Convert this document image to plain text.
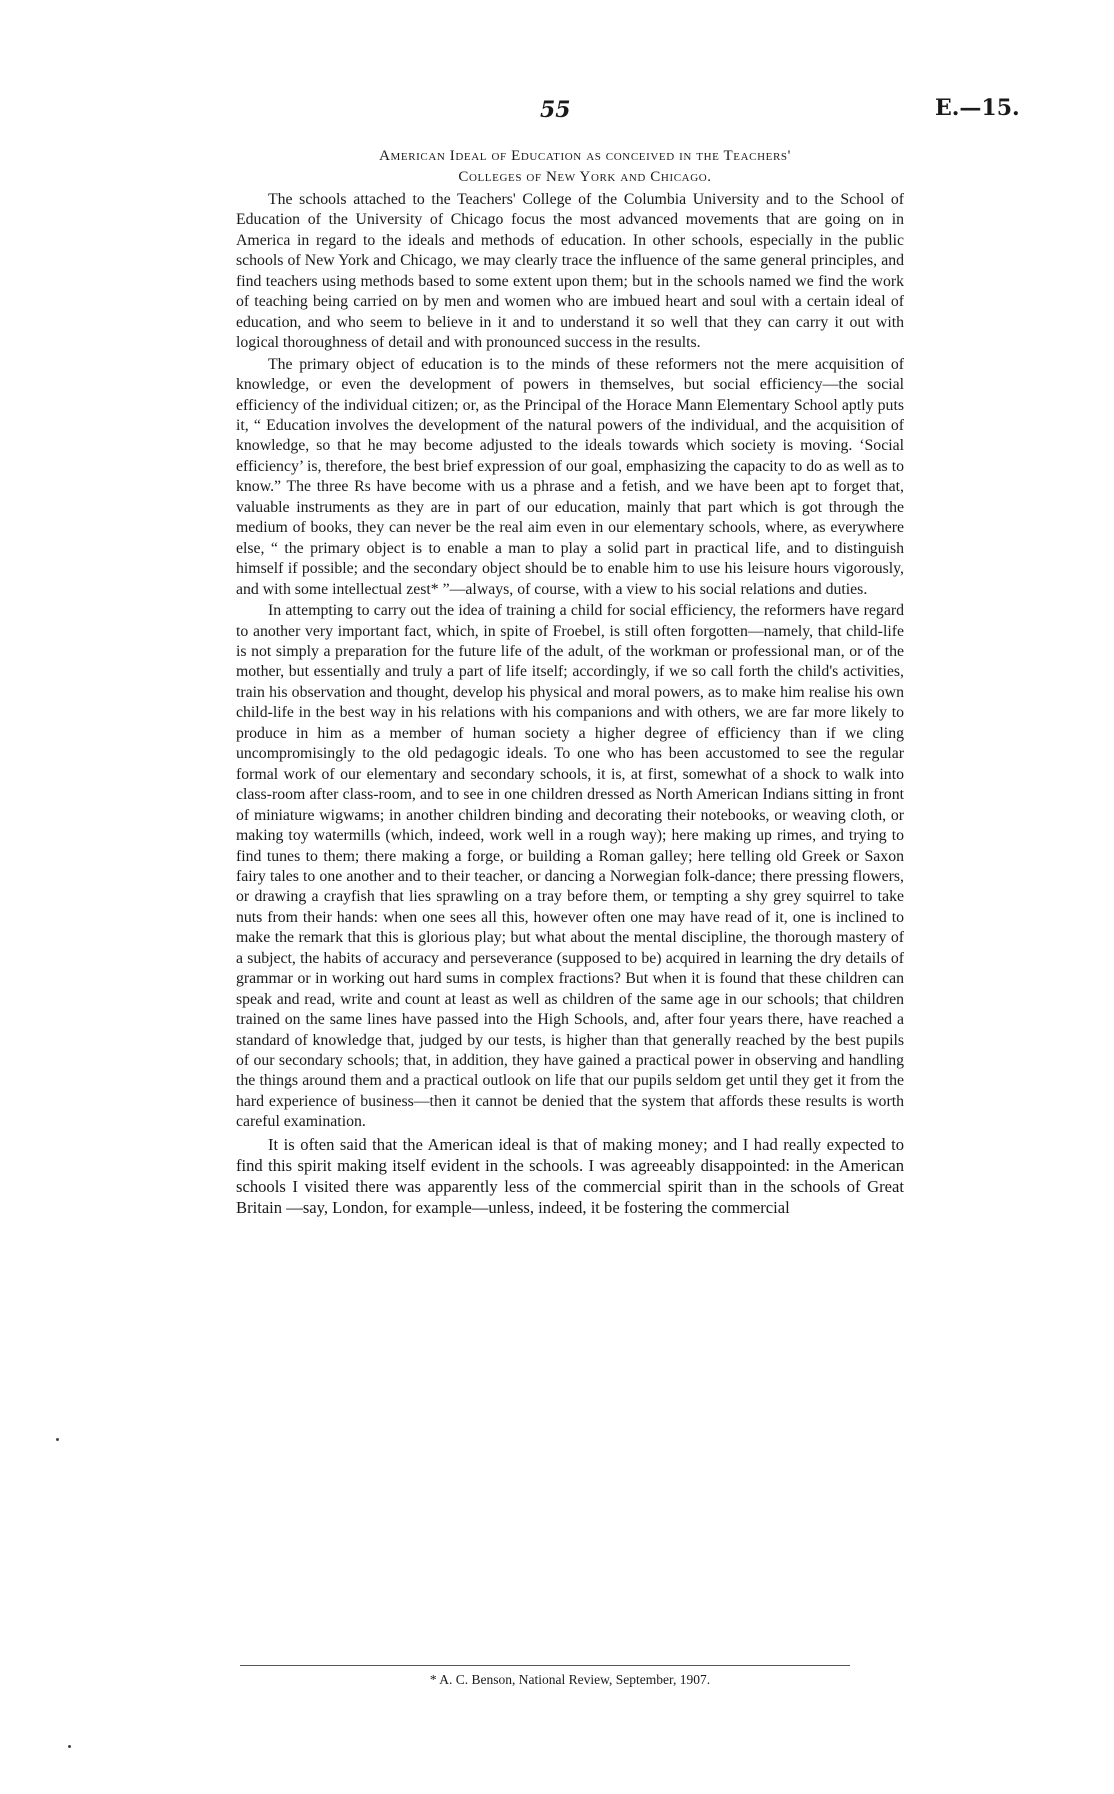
55	E.—15.
American Ideal of Education as conceived in the Teachers'
Colleges of New York and Chicago.

The schools attached to the Teachers' College of the Columbia University and to the School of Education of the University of Chicago focus the most advanced movements that are going on in America in regard to the ideals and methods of education. In other schools, especially in the public schools of New York and Chicago, we may clearly trace the influence of the same general principles, and find teachers using methods based to some extent upon them; but in the schools named we find the work of teaching being carried on by men and women who are imbued heart and soul with a certain ideal of education, and who seem to believe in it and to understand it so well that they can carry it out with logical thoroughness of detail and with pronounced success in the results.

The primary object of education is to the minds of these reformers not the mere acquisition of knowledge, or even the development of powers in themselves, but social efficiency—the social efficiency of the individual citizen; or, as the Principal of the Horace Mann Elementary School aptly puts it, “ Education involves the development of the natural powers of the individual, and the acquisition of knowledge, so that he may become adjusted to the ideals towards which society is moving. ‘Social efficiency’ is, therefore, the best brief expression of our goal, emphasizing the capacity to do as well as to know.” The three Rs have become with us a phrase and a fetish, and we have been apt to forget that, valuable instruments as they are in part of our education, mainly that part which is got through the medium of books, they can never be the real aim even in our elementary schools, where, as everywhere else, “ the primary object is to enable a man to play a solid part in practical life, and to distinguish himself if possible; and the secondary object should be to enable him to use his leisure hours vigorously, and with some intellectual zest* ”—always, of course, with a view to his social relations and duties.

In attempting to carry out the idea of training a child for social efficiency, the reformers have regard to another very important fact, which, in spite of Froebel, is still often forgotten—namely, that child-life is not simply a preparation for the future life of the adult, of the workman or professional man, or of the mother, but essentially and truly a part of life itself; accordingly, if we so call forth the child's activities, train his observation and thought, develop his physical and moral powers, as to make him realise his own child-life in the best way in his relations with his companions and with others, we are far more likely to produce in him as a member of human society a higher degree of efficiency than if we cling uncompromisingly to the old pedagogic ideals. To one who has been accustomed to see the regular formal work of our elementary and secondary schools, it is, at first, somewhat of a shock to walk into class-room after class-room, and to see in one children dressed as North American Indians sitting in front of miniature wigwams; in another children binding and decorating their notebooks, or weaving cloth, or making toy watermills (which, indeed, work well in a rough way); here making up rimes, and trying to find tunes to them; there making a forge, or building a Roman galley; here telling old Greek or Saxon fairy tales to one another and to their teacher, or dancing a Norwegian folk-dance; there pressing flowers, or drawing a crayfish that lies sprawling on a tray before them, or tempting a shy grey squirrel to take nuts from their hands: when one sees all this, however often one may have read of it, one is inclined to make the remark that this is glorious play; but what about the mental discipline, the thorough mastery of a subject, the habits of accuracy and perseverance (supposed to be) acquired in learning the dry details of grammar or in working out hard sums in complex fractions? But when it is found that these children can speak and read, write and count at least as well as children of the same age in our schools; that children trained on the same lines have passed into the High Schools, and, after four years there, have reached a standard of knowledge that, judged by our tests, is higher than that generally reached by the best pupils of our secondary schools; that, in addition, they have gained a practical power in observing and handling the things around them and a practical outlook on life that our pupils seldom get until they get it from the hard experience of business—then it cannot be denied that the system that affords these results is worth careful examination.

It is often said that the American ideal is that of making money; and I had really expected to find this spirit making itself evident in the schools. I was agreeably disappointed: in the American schools I visited there was apparently less of the commercial spirit than in the schools of Great Britain —say, London, for example—unless, indeed, it be fostering the commercial

* A. C. Benson, National Review, September, 1907.
